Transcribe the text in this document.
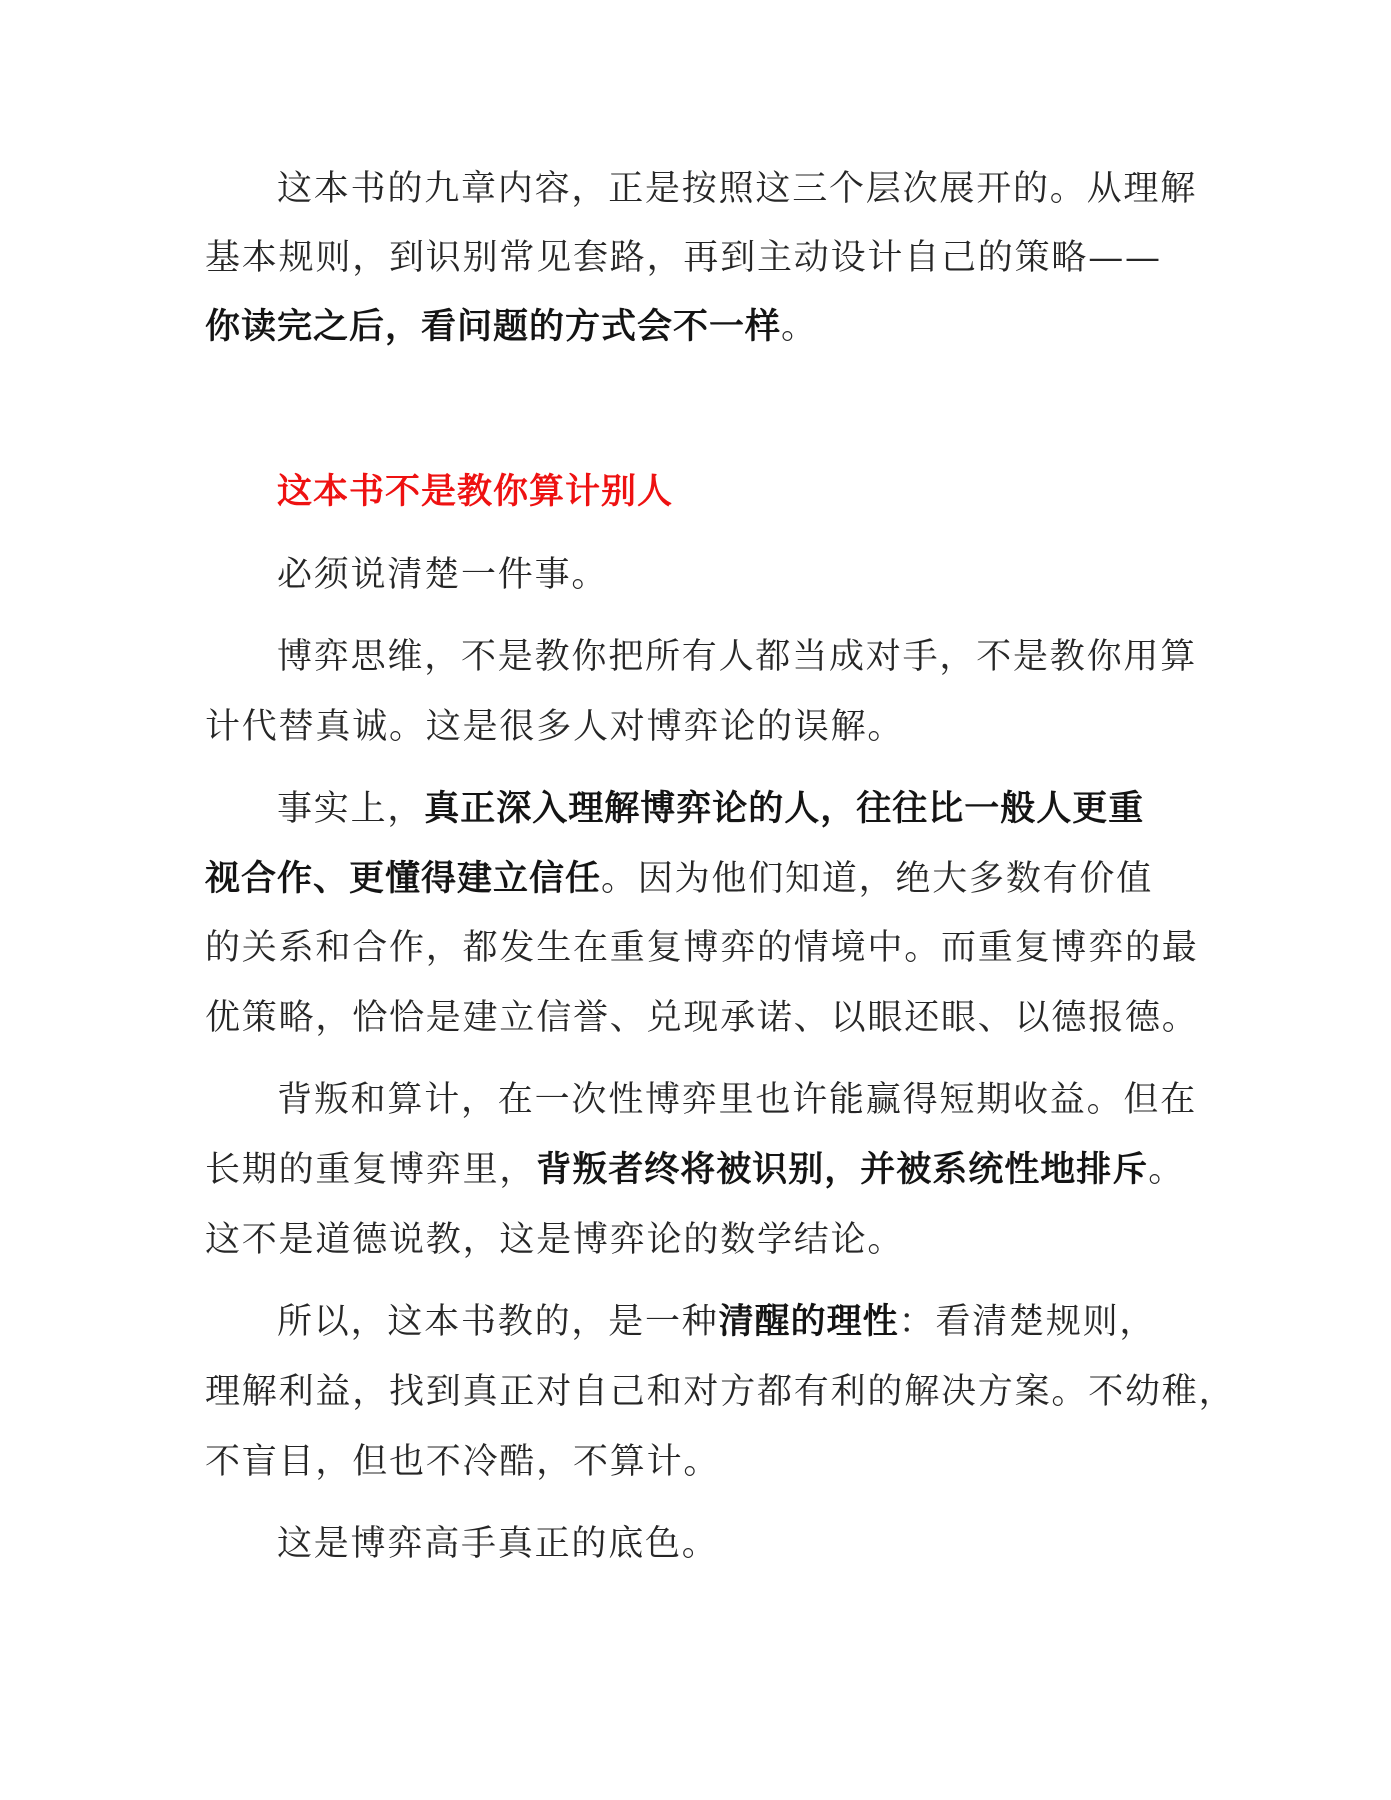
这本书的九章内容，正是按照这三个层次展开的。从理解
基本规则，到识别常见套路，再到主动设计自己的策略——
你读完之后，看问题的方式会不一样。
这本书不是教你算计别人
必须说清楚一件事。
博弈思维，不是教你把所有人都当成对手，不是教你用算
计代替真诚。这是很多人对博弈论的误解。
事实上，真正深入理解博弈论的人，往往比一般人更重
视合作、更懂得建立信任。因为他们知道，绝大多数有价值
的关系和合作，都发生在重复博弈的情境中。而重复博弈的最
优策略，恰恰是建立信誉、兑现承诺、以眼还眼、以德报德。
背叛和算计，在一次性博弈里也许能赢得短期收益。但在
长期的重复博弈里，背叛者终将被识别，并被系统性地排斥。
这不是道德说教，这是博弈论的数学结论。
所以，这本书教的，是一种清醒的理性：看清楚规则，
理解利益，找到真正对自己和对方都有利的解决方案。不幼稚，
不盲目，但也不冷酷，不算计。
这是博弈高手真正的底色。
